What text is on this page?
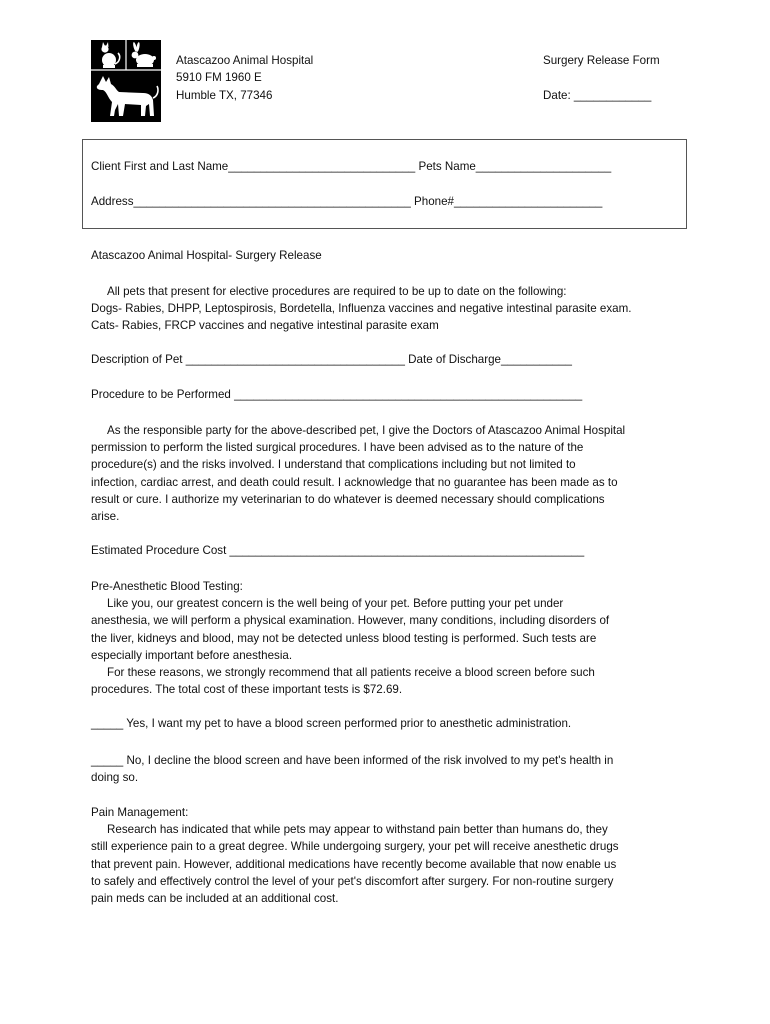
Atascazoo Animal Hospital
5910 FM 1960 E
Humble TX, 77346
Surgery Release Form
Date: ____________
Client First and Last Name_____________________________ Pets Name_____________________
Address___________________________________________ Phone#_______________________
Atascazoo Animal Hospital- Surgery Release
All pets that present for elective procedures are required to be up to date on the following:
Dogs- Rabies, DHPP, Leptospirosis, Bordetella, Influenza vaccines and negative intestinal parasite exam.
Cats- Rabies, FRCP vaccines and negative intestinal parasite exam
Description of Pet __________________________________ Date of Discharge___________
Procedure to be Performed ______________________________________________________
As the responsible party for the above-described pet, I give the Doctors of Atascazoo Animal Hospital
permission to perform the listed surgical procedures. I have been advised as to the nature of the
procedure(s) and the risks involved. I understand that complications including but not limited to
infection, cardiac arrest, and death could result. I acknowledge that no guarantee has been made as to
result or cure. I authorize my veterinarian to do whatever is deemed necessary should complications
arise.
Estimated Procedure Cost _______________________________________________________
Pre-Anesthetic Blood Testing:
Like you, our greatest concern is the well being of your pet. Before putting your pet under
anesthesia, we will perform a physical examination. However, many conditions, including disorders of
the liver, kidneys and blood, may not be detected unless blood testing is performed. Such tests are
especially important before anesthesia.
For these reasons, we strongly recommend that all patients receive a blood screen before such
procedures. The total cost of these important tests is $72.69.
_____ Yes, I want my pet to have a blood screen performed prior to anesthetic administration.
_____ No, I decline the blood screen and have been informed of the risk involved to my pet's health in
doing so.
Pain Management:
Research has indicated that while pets may appear to withstand pain better than humans do, they
still experience pain to a great degree. While undergoing surgery, your pet will receive anesthetic drugs
that prevent pain. However, additional medications have recently become available that now enable us
to safely and effectively control the level of your pet's discomfort after surgery. For non-routine surgery
pain meds can be included at an additional cost.
